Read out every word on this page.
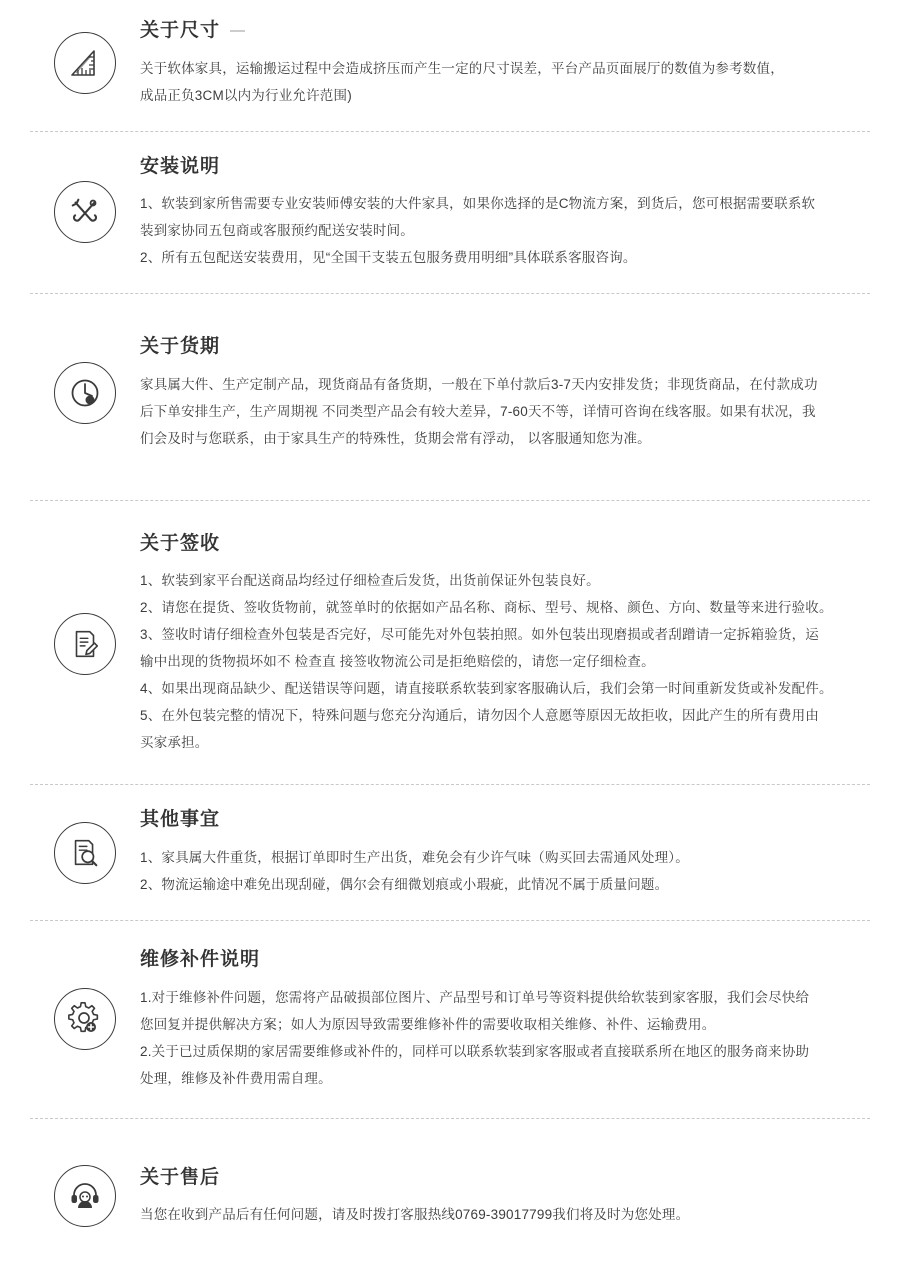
关于尺寸 —

关于软体家具，运输搬运过程中会造成挤压而产生一定的尺寸误差，平台产品页面展厅的数值为参考数值，

成品正负3CM以内为行业允许范围)

安装说明

1、软装到家所售需要专业安装师傅安装的大件家具，如果你选择的是C物流方案，到货后，您可根据需要联系软

装到家协同五包商或客服预约配送安装时间。

2、所有五包配送安装费用，见“全国干支装五包服务费用明细”具体联系客服咨询。

关于货期

家具属大件、生产定制产品，现货商品有备货期，一般在下单付款后3-7天内安排发货；非现货商品，在付款成功

后下单安排生产，生产周期视 不同类型产品会有较大差异，7-60天不等，详情可咨询在线客服。如果有状况，我

们会及时与您联系，由于家具生产的特殊性，货期会常有浮动， 以客服通知您为准。

关于签收

1、软装到家平台配送商品均经过仔细检查后发货，出货前保证外包装良好。

2、请您在提货、签收货物前，就签单时的依据如产品名称、商标、型号、规格、颜色、方向、数量等来进行验收。

3、签收时请仔细检查外包装是否完好，尽可能先对外包装拍照。如外包装出现磨损或者刮蹭请一定拆箱验货，运

输中出现的货物损坏如不 检查直 接签收物流公司是拒绝赔偿的，请您一定仔细检查。

4、如果出现商品缺少、配送错误等问题，请直接联系软装到家客服确认后，我们会第一时间重新发货或补发配件。

5、在外包装完整的情况下，特殊问题与您充分沟通后，请勿因个人意愿等原因无故拒收，因此产生的所有费用由

买家承担。

其他事宜

1、家具属大件重货，根据订单即时生产出货，难免会有少许气味（购买回去需通风处理）。

2、物流运输途中难免出现刮碰，偶尔会有细微划痕或小瑕疵，此情况不属于质量问题。

维修补件说明

1.对于维修补件问题，您需将产品破损部位图片、产品型号和订单号等资料提供给软装到家客服，我们会尽快给

您回复并提供解决方案；如人为原因导致需要维修补件的需要收取相关维修、补件、运输费用。

2.关于已过质保期的家居需要维修或补件的，同样可以联系软装到家客服或者直接联系所在地区的服务商来协助

处理，维修及补件费用需自理。

关于售后

当您在收到产品后有任何问题，请及时拨打客服热线0769-39017799我们将及时为您处理。
